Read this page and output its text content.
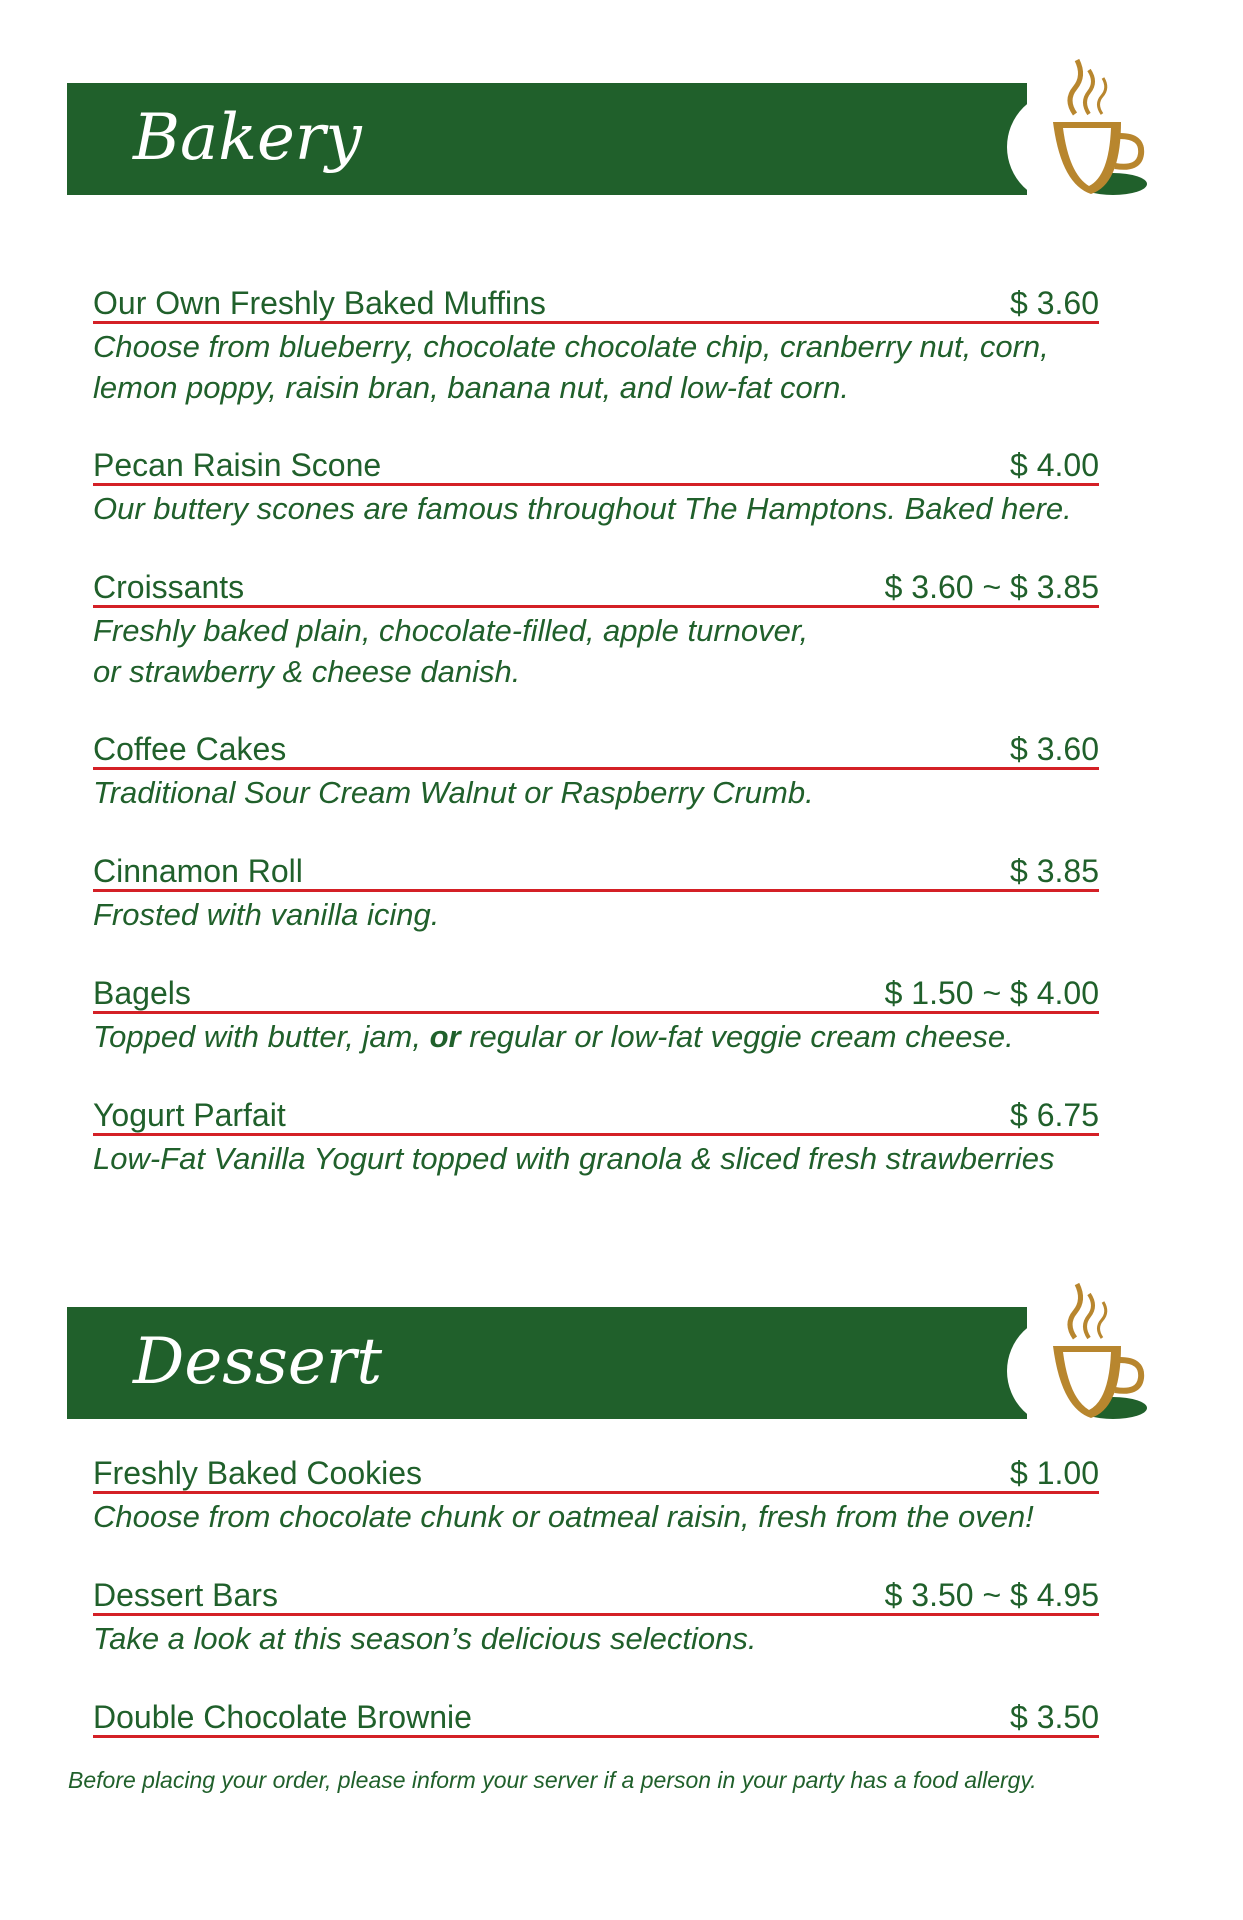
Bakery
Our Own Freshly Baked Muffins	$ 3.60
Choose from blueberry, chocolate chocolate chip, cranberry nut, corn,
lemon poppy, raisin bran, banana nut, and low-fat corn.
Pecan Raisin Scone	$ 4.00
Our buttery scones are famous throughout The Hamptons. Baked here.
Croissants	$ 3.60 ~ $ 3.85
Freshly baked plain, chocolate-filled, apple turnover,
or strawberry & cheese danish.
Coffee Cakes	$ 3.60
Traditional Sour Cream Walnut or Raspberry Crumb.
Cinnamon Roll	$ 3.85
Frosted with vanilla icing.
Bagels	$ 1.50 ~ $ 4.00
Topped with butter, jam, or regular or low-fat veggie cream cheese.
Yogurt Parfait	$ 6.75
Low-Fat Vanilla Yogurt topped with granola & sliced fresh strawberries
Dessert
Freshly Baked Cookies	$ 1.00
Choose from chocolate chunk or oatmeal raisin, fresh from the oven!
Dessert Bars	$ 3.50 ~ $ 4.95
Take a look at this season’s delicious selections.
Double Chocolate Brownie	$ 3.50
Before placing your order, please inform your server if a person in your party has a food allergy.
